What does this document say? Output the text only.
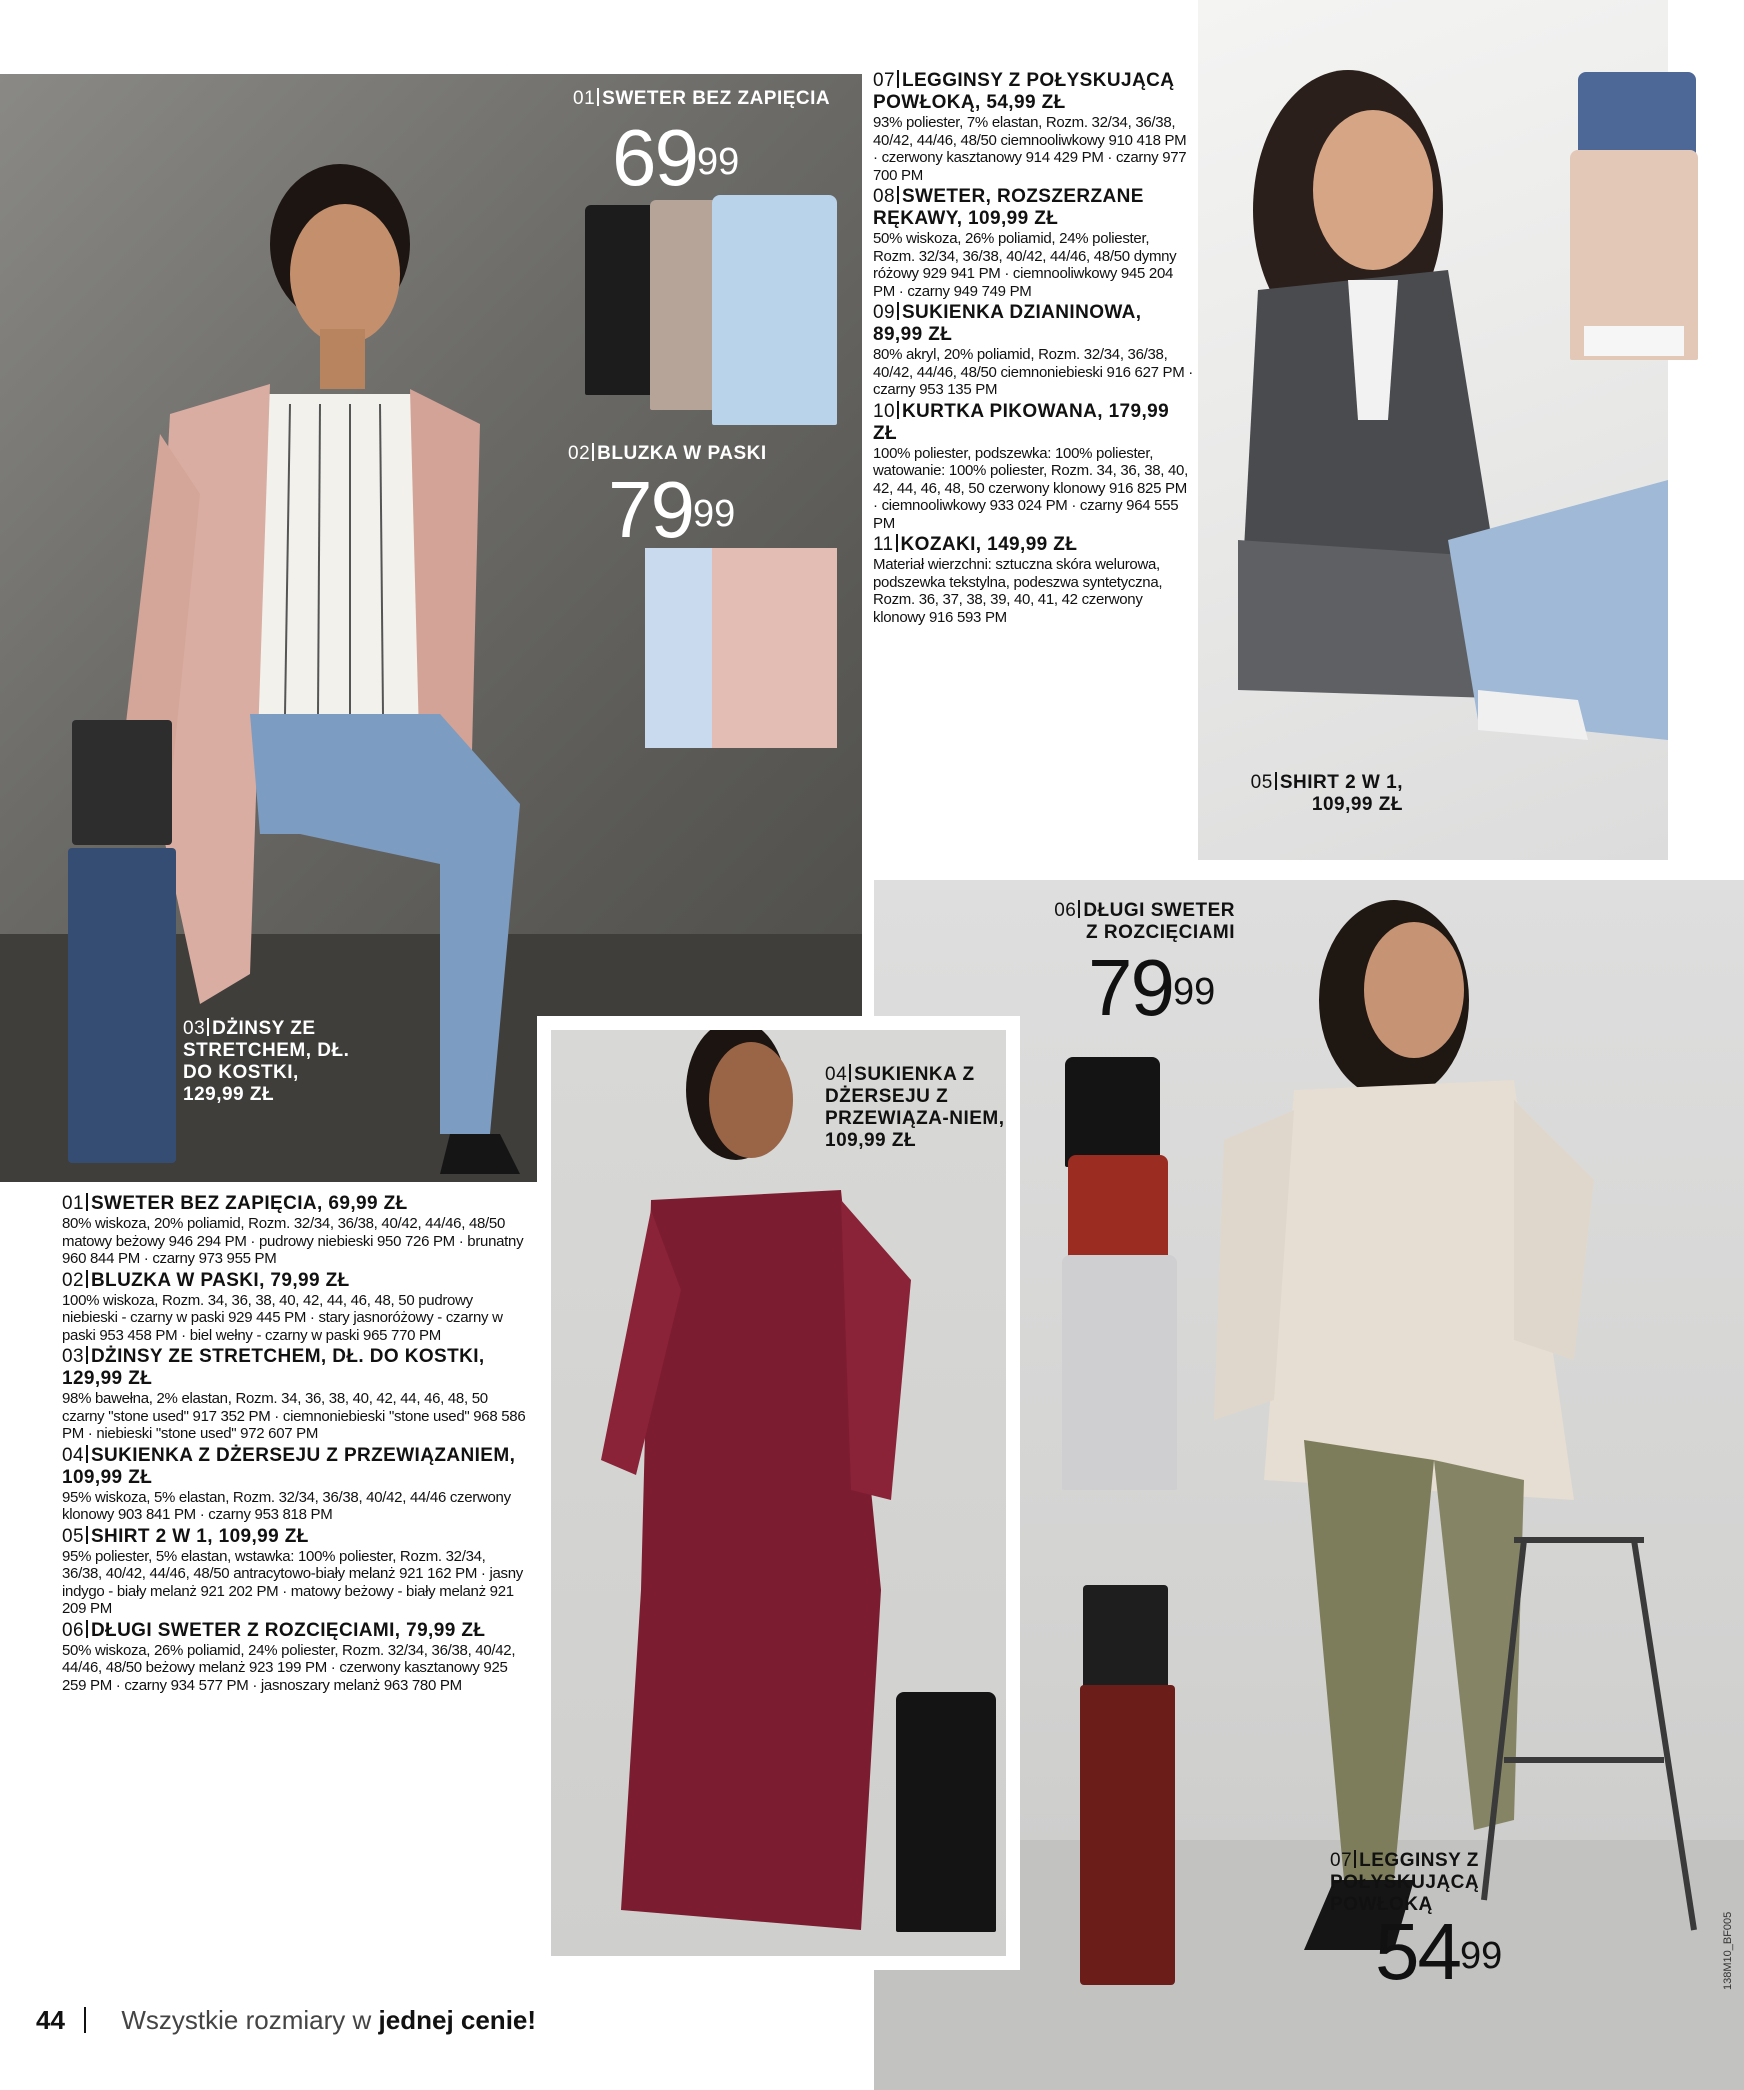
01 SWETER BEZ ZAPIĘCIA
$69^{99}$
02 BLUZKA W PASKI
$79^{99}$
03 DŻINSY ZE STRETCHEM, DŁ. DO KOSTKI, 129,99 ZŁ
05 SHIRT 2 W 1, 109,99 ZŁ
07 LEGGINSY Z POŁYSKUJĄCĄ POWŁOKĄ, 54,99 ZŁ
93% poliester, 7% elastan, Rozm. 32/34, 36/38, 40/42, 44/46, 48/50 ciemnooliwkowy 910 418 PM · czerwony kasztanowy 914 429 PM · czarny 977 700 PM
08 SWETER, ROZSZERZANE RĘKAWY, 109,99 ZŁ
50% wiskoza, 26% poliamid, 24% poliester, Rozm. 32/34, 36/38, 40/42, 44/46, 48/50 dymny różowy 929 941 PM · ciemnooliwkowy 945 204 PM · czarny 949 749 PM
09 SUKIENKA DZIANINOWA, 89,99 ZŁ
80% akryl, 20% poliamid, Rozm. 32/34, 36/38, 40/42, 44/46, 48/50 ciemnoniebieski 916 627 PM · czarny 953 135 PM
10 KURTKA PIKOWANA, 179,99 ZŁ
100% poliester, podszewka: 100% poliester, watowanie: 100% poliester, Rozm. 34, 36, 38, 40, 42, 44, 46, 48, 50 czerwony klonowy 916 825 PM · ciemnooliwkowy 933 024 PM · czarny 964 555 PM
11 KOZAKI, 149,99 ZŁ
Materiał wierzchni: sztuczna skóra welurowa, podszewka tekstylna, podeszwa syntetyczna, Rozm. 36, 37, 38, 39, 40, 41, 42 czerwony klonowy 916 593 PM
06 DŁUGI SWETER Z ROZCIĘCIAMI
$79^{99}$
07 LEGGINSY Z POŁYSKUJĄCĄ POWŁOKĄ
$54^{99}$
04 SUKIENKA Z DŻERSEJU Z PRZEWIĄZA-NIEM, 109,99 ZŁ
01 SWETER BEZ ZAPIĘCIA, 69,99 ZŁ
80% wiskoza, 20% poliamid, Rozm. 32/34, 36/38, 40/42, 44/46, 48/50 matowy beżowy 946 294 PM · pudrowy niebieski 950 726 PM · brunatny 960 844 PM · czarny 973 955 PM
02 BLUZKA W PASKI, 79,99 ZŁ
100% wiskoza, Rozm. 34, 36, 38, 40, 42, 44, 46, 48, 50 pudrowy niebieski - czarny w paski 929 445 PM · stary jasnoróżowy - czarny w paski 953 458 PM · biel wełny - czarny w paski 965 770 PM
03 DŻINSY ZE STRETCHEM, DŁ. DO KOSTKI, 129,99 ZŁ
98% bawełna, 2% elastan, Rozm. 34, 36, 38, 40, 42, 44, 46, 48, 50 czarny "stone used" 917 352 PM · ciemnoniebieski "stone used" 968 586 PM · niebieski "stone used" 972 607 PM
04 SUKIENKA Z DŻERSEJU Z PRZEWIĄZANIEM, 109,99 ZŁ
95% wiskoza, 5% elastan, Rozm. 32/34, 36/38, 40/42, 44/46 czerwony klonowy 903 841 PM · czarny 953 818 PM
05 SHIRT 2 W 1, 109,99 ZŁ
95% poliester, 5% elastan, wstawka: 100% poliester, Rozm. 32/34, 36/38, 40/42, 44/46, 48/50 antracytowo-biały melanż 921 162 PM · jasny indygo - biały melanż 921 202 PM · matowy beżowy - biały melanż 921 209 PM
06 DŁUGI SWETER Z ROZCIĘCIAMI, 79,99 ZŁ
50% wiskoza, 26% poliamid, 24% poliester, Rozm. 32/34, 36/38, 40/42, 44/46, 48/50 beżowy melanż 923 199 PM · czerwony kasztanowy 925 259 PM · czarny 934 577 PM · jasnoszary melanż 963 780 PM
44 Wszystkie rozmiary w jednej cenie!
138M10_BF005
